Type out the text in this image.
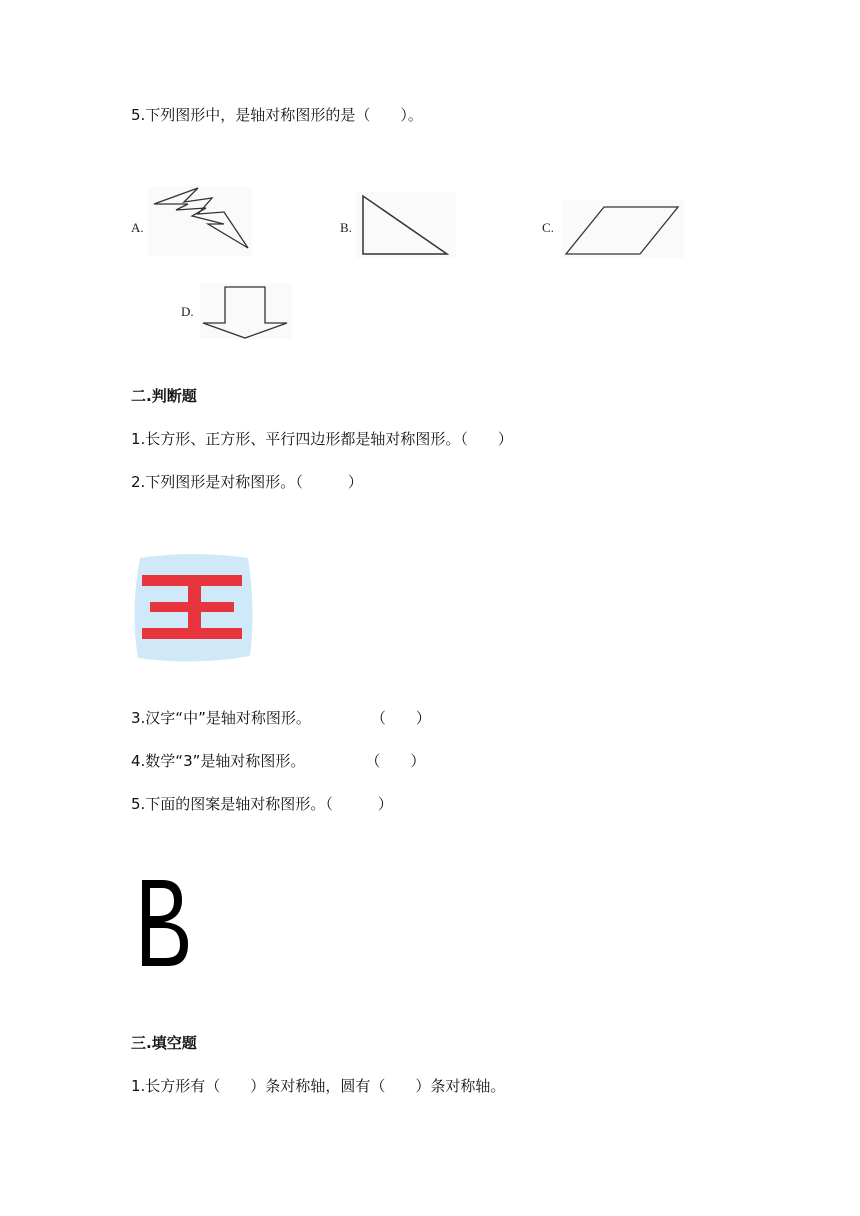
5.下列图形中，是轴对称图形的是（　　）。
A.	B.	C.
D.
二.判断题
1.长方形、正方形、平行四边形都是轴对称图形。（　　）
2.下列图形是对称图形。（　　　）
3.汉字“中”是轴对称图形。　　　　　（　　）
4.数学“3”是轴对称图形。　　　　　（　　）
5.下面的图案是轴对称图形。（　　　）
三.填空题
1.长方形有（　　）条对称轴，圆有（　　）条对称轴。
